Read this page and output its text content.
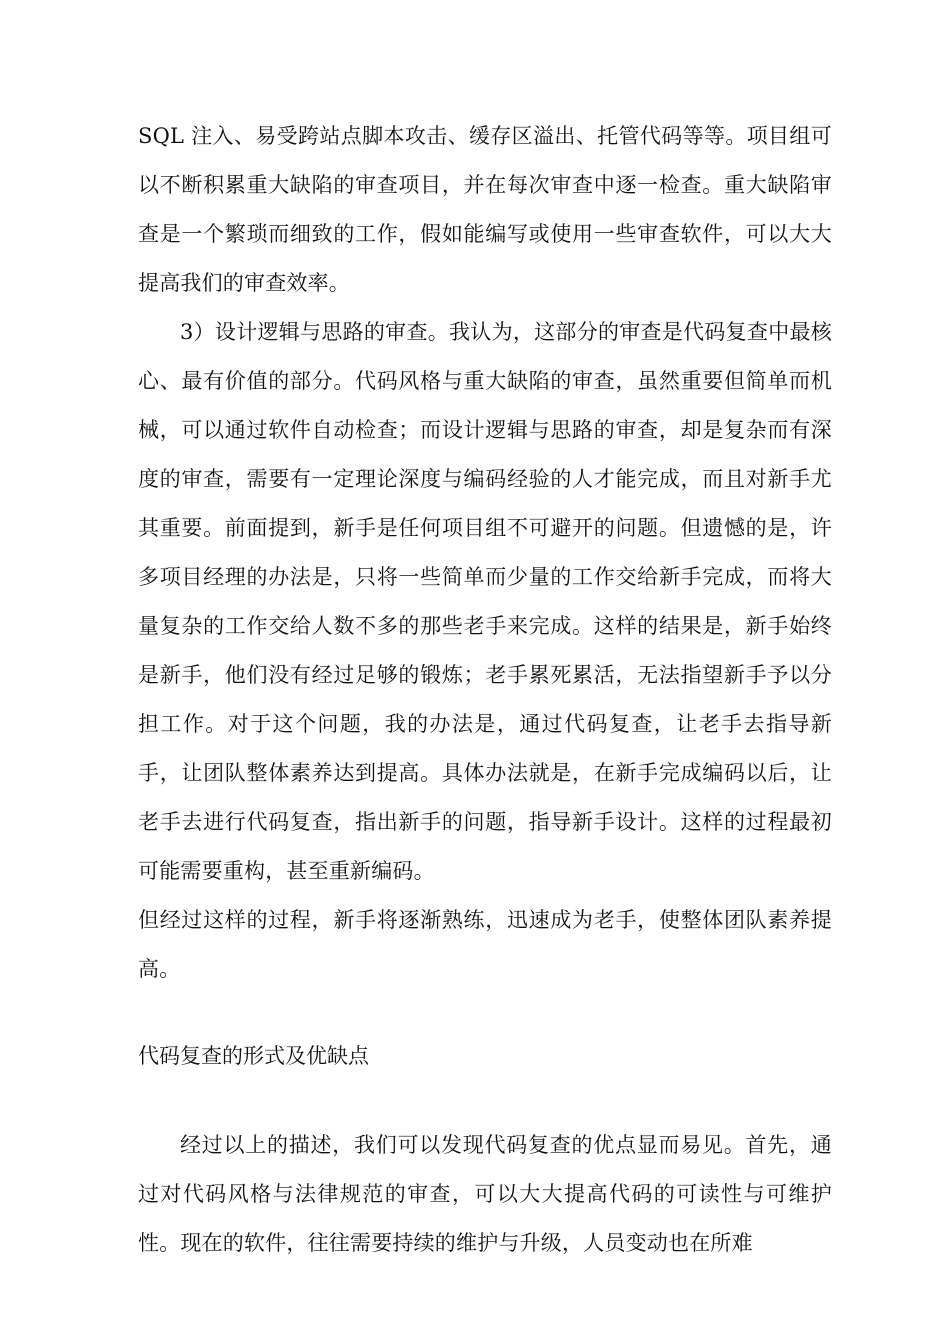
SQL 注入、易受跨站点脚本攻击、缓存区溢出、托管代码等等。项目组可以不断积累重大缺陷的审查项目，并在每次审查中逐一检查。重大缺陷审查是一个繁琐而细致的工作，假如能编写或使用一些审查软件，可以大大提高我们的审查效率。

3）设计逻辑与思路的审查。我认为，这部分的审查是代码复查中最核心、最有价值的部分。代码风格与重大缺陷的审查，虽然重要但简单而机械，可以通过软件自动检查；而设计逻辑与思路的审查，却是复杂而有深度的审查，需要有一定理论深度与编码经验的人才能完成，而且对新手尤其重要。前面提到，新手是任何项目组不可避开的问题。但遗憾的是，许多项目经理的办法是，只将一些简单而少量的工作交给新手完成，而将大量复杂的工作交给人数不多的那些老手来完成。这样的结果是，新手始终是新手，他们没有经过足够的锻炼；老手累死累活，无法指望新手予以分担工作。对于这个问题，我的办法是，通过代码复查，让老手去指导新手，让团队整体素养达到提高。具体办法就是，在新手完成编码以后，让老手去进行代码复查，指出新手的问题，指导新手设计。这样的过程最初可能需要重构，甚至重新编码。

但经过这样的过程，新手将逐渐熟练，迅速成为老手，使整体团队素养提高。

代码复查的形式及优缺点

经过以上的描述，我们可以发现代码复查的优点显而易见。首先，通过对代码风格与法律规范的审查，可以大大提高代码的可读性与可维护性。现在的软件，往往需要持续的维护与升级，人员变动也在所难
